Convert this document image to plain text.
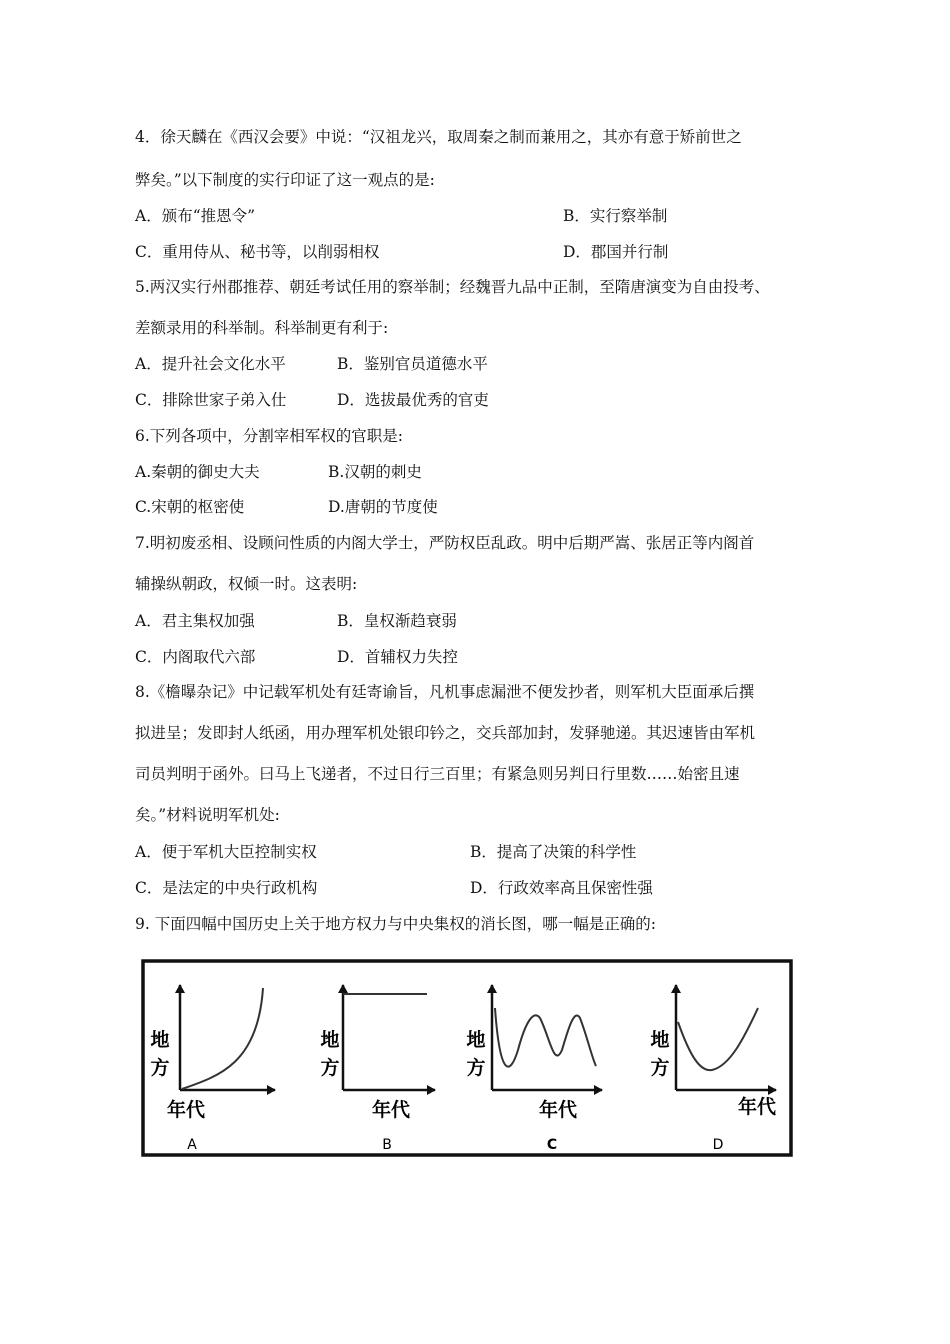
4．徐天麟在《西汉会要》中说：“汉祖龙兴，取周秦之制而兼用之，其亦有意于矫前世之
弊矣。”以下制度的实行印证了这一观点的是:
A．颁布“推恩令”	B．实行察举制
C．重用侍从、秘书等，以削弱相权	D．郡国并行制
5.两汉实行州郡推荐、朝廷考试任用的察举制；经魏晋九品中正制，至隋唐演变为自由投考、
差额录用的科举制。科举制更有利于:
A．提升社会文化水平	B．鉴别官员道德水平
C．排除世家子弟入仕	D．选拔最优秀的官吏
6.下列各项中，分割宰相军权的官职是:
A.秦朝的御史大夫	B.汉朝的刺史
C.宋朝的枢密使	D.唐朝的节度使
7.明初废丞相、设顾问性质的内阁大学士，严防权臣乱政。明中后期严嵩、张居正等内阁首
辅操纵朝政，权倾一时。这表明:
A．君主集权加强	B．皇权渐趋衰弱
C．内阁取代六部	D．首辅权力失控
8.《檐曝杂记》中记载军机处有廷寄谕旨，凡机事虑漏泄不便发抄者，则军机大臣面承后撰
拟进呈；发即封人纸函，用办理军机处银印钤之，交兵部加封，发驿驰递。其迟速皆由军机
司员判明于函外。曰马上飞递者，不过日行三百里；有紧急则另判日行里数……始密且速
矣。”材料说明军机处:
A．便于军机大臣控制实权	B．提高了决策的科学性
C．是法定的中央行政机构	D．行政效率高且保密性强
9. 下面四幅中国历史上关于地方权力与中央集权的消长图，哪一幅是正确的:
地
方
年代
A
地
方
年代
B
地
方
年代
C
地
方
年代
D
